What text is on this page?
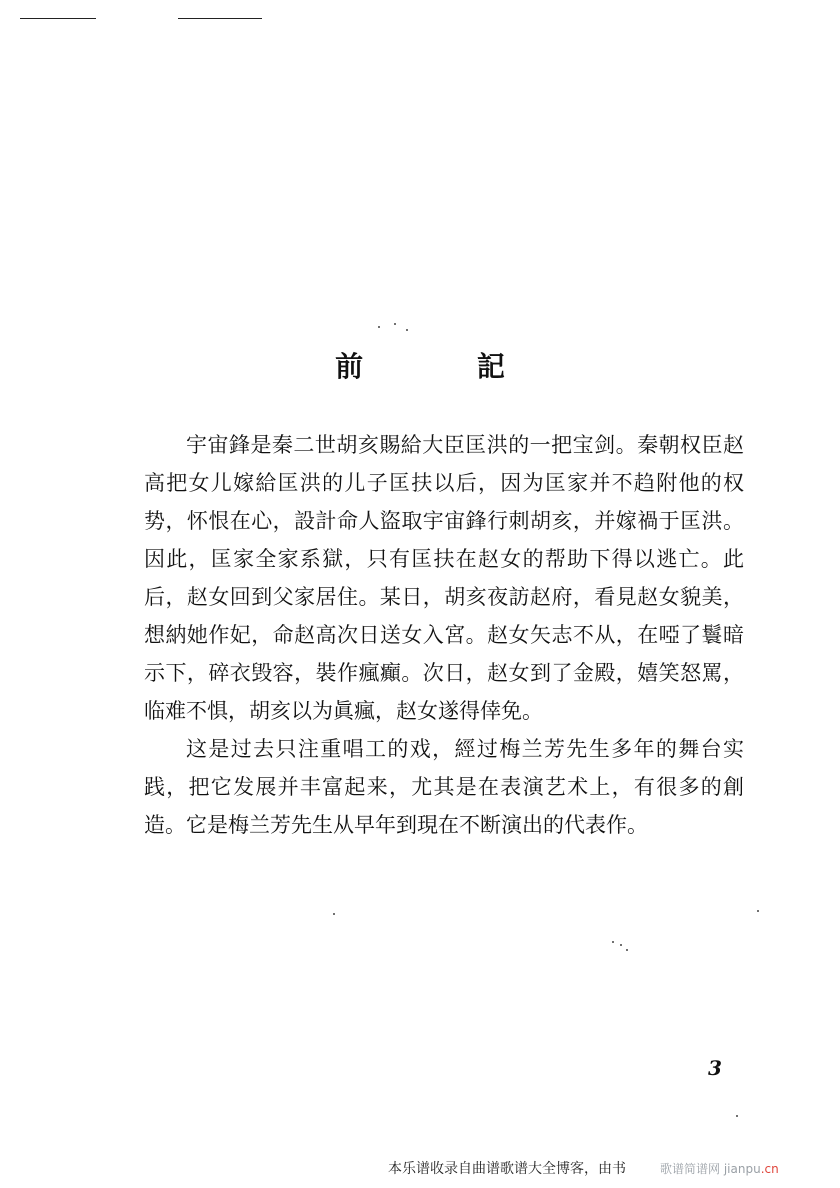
前 記

宇宙鋒是秦二世胡亥賜給大臣匡洪的一把宝剑。秦朝权臣赵高把女儿嫁給匡洪的儿子匡扶以后，因为匡家并不趋附他的权势，怀恨在心，設計命人盜取宇宙鋒行刺胡亥，并嫁禍于匡洪。因此，匡家全家系獄，只有匡扶在赵女的帮助下得以逃亡。此后，赵女回到父家居住。某日，胡亥夜訪赵府，看見赵女貌美，想納她作妃，命赵高次日送女入宮。赵女矢志不从，在啞了鬟暗示下，碎衣毁容，裝作瘋癲。次日，赵女到了金殿，嬉笑怒罵，临难不惧，胡亥以为眞瘋，赵女遂得倖免。

这是过去只注重唱工的戏，經过梅兰芳先生多年的舞台实践，把它发展并丰富起来，尤其是在表演艺术上，有很多的創造。它是梅兰芳先生从早年到現在不断演出的代表作。

3
本乐谱收录自曲谱歌谱大全博客，由书	歌谱简谱网 jianpu.cn
